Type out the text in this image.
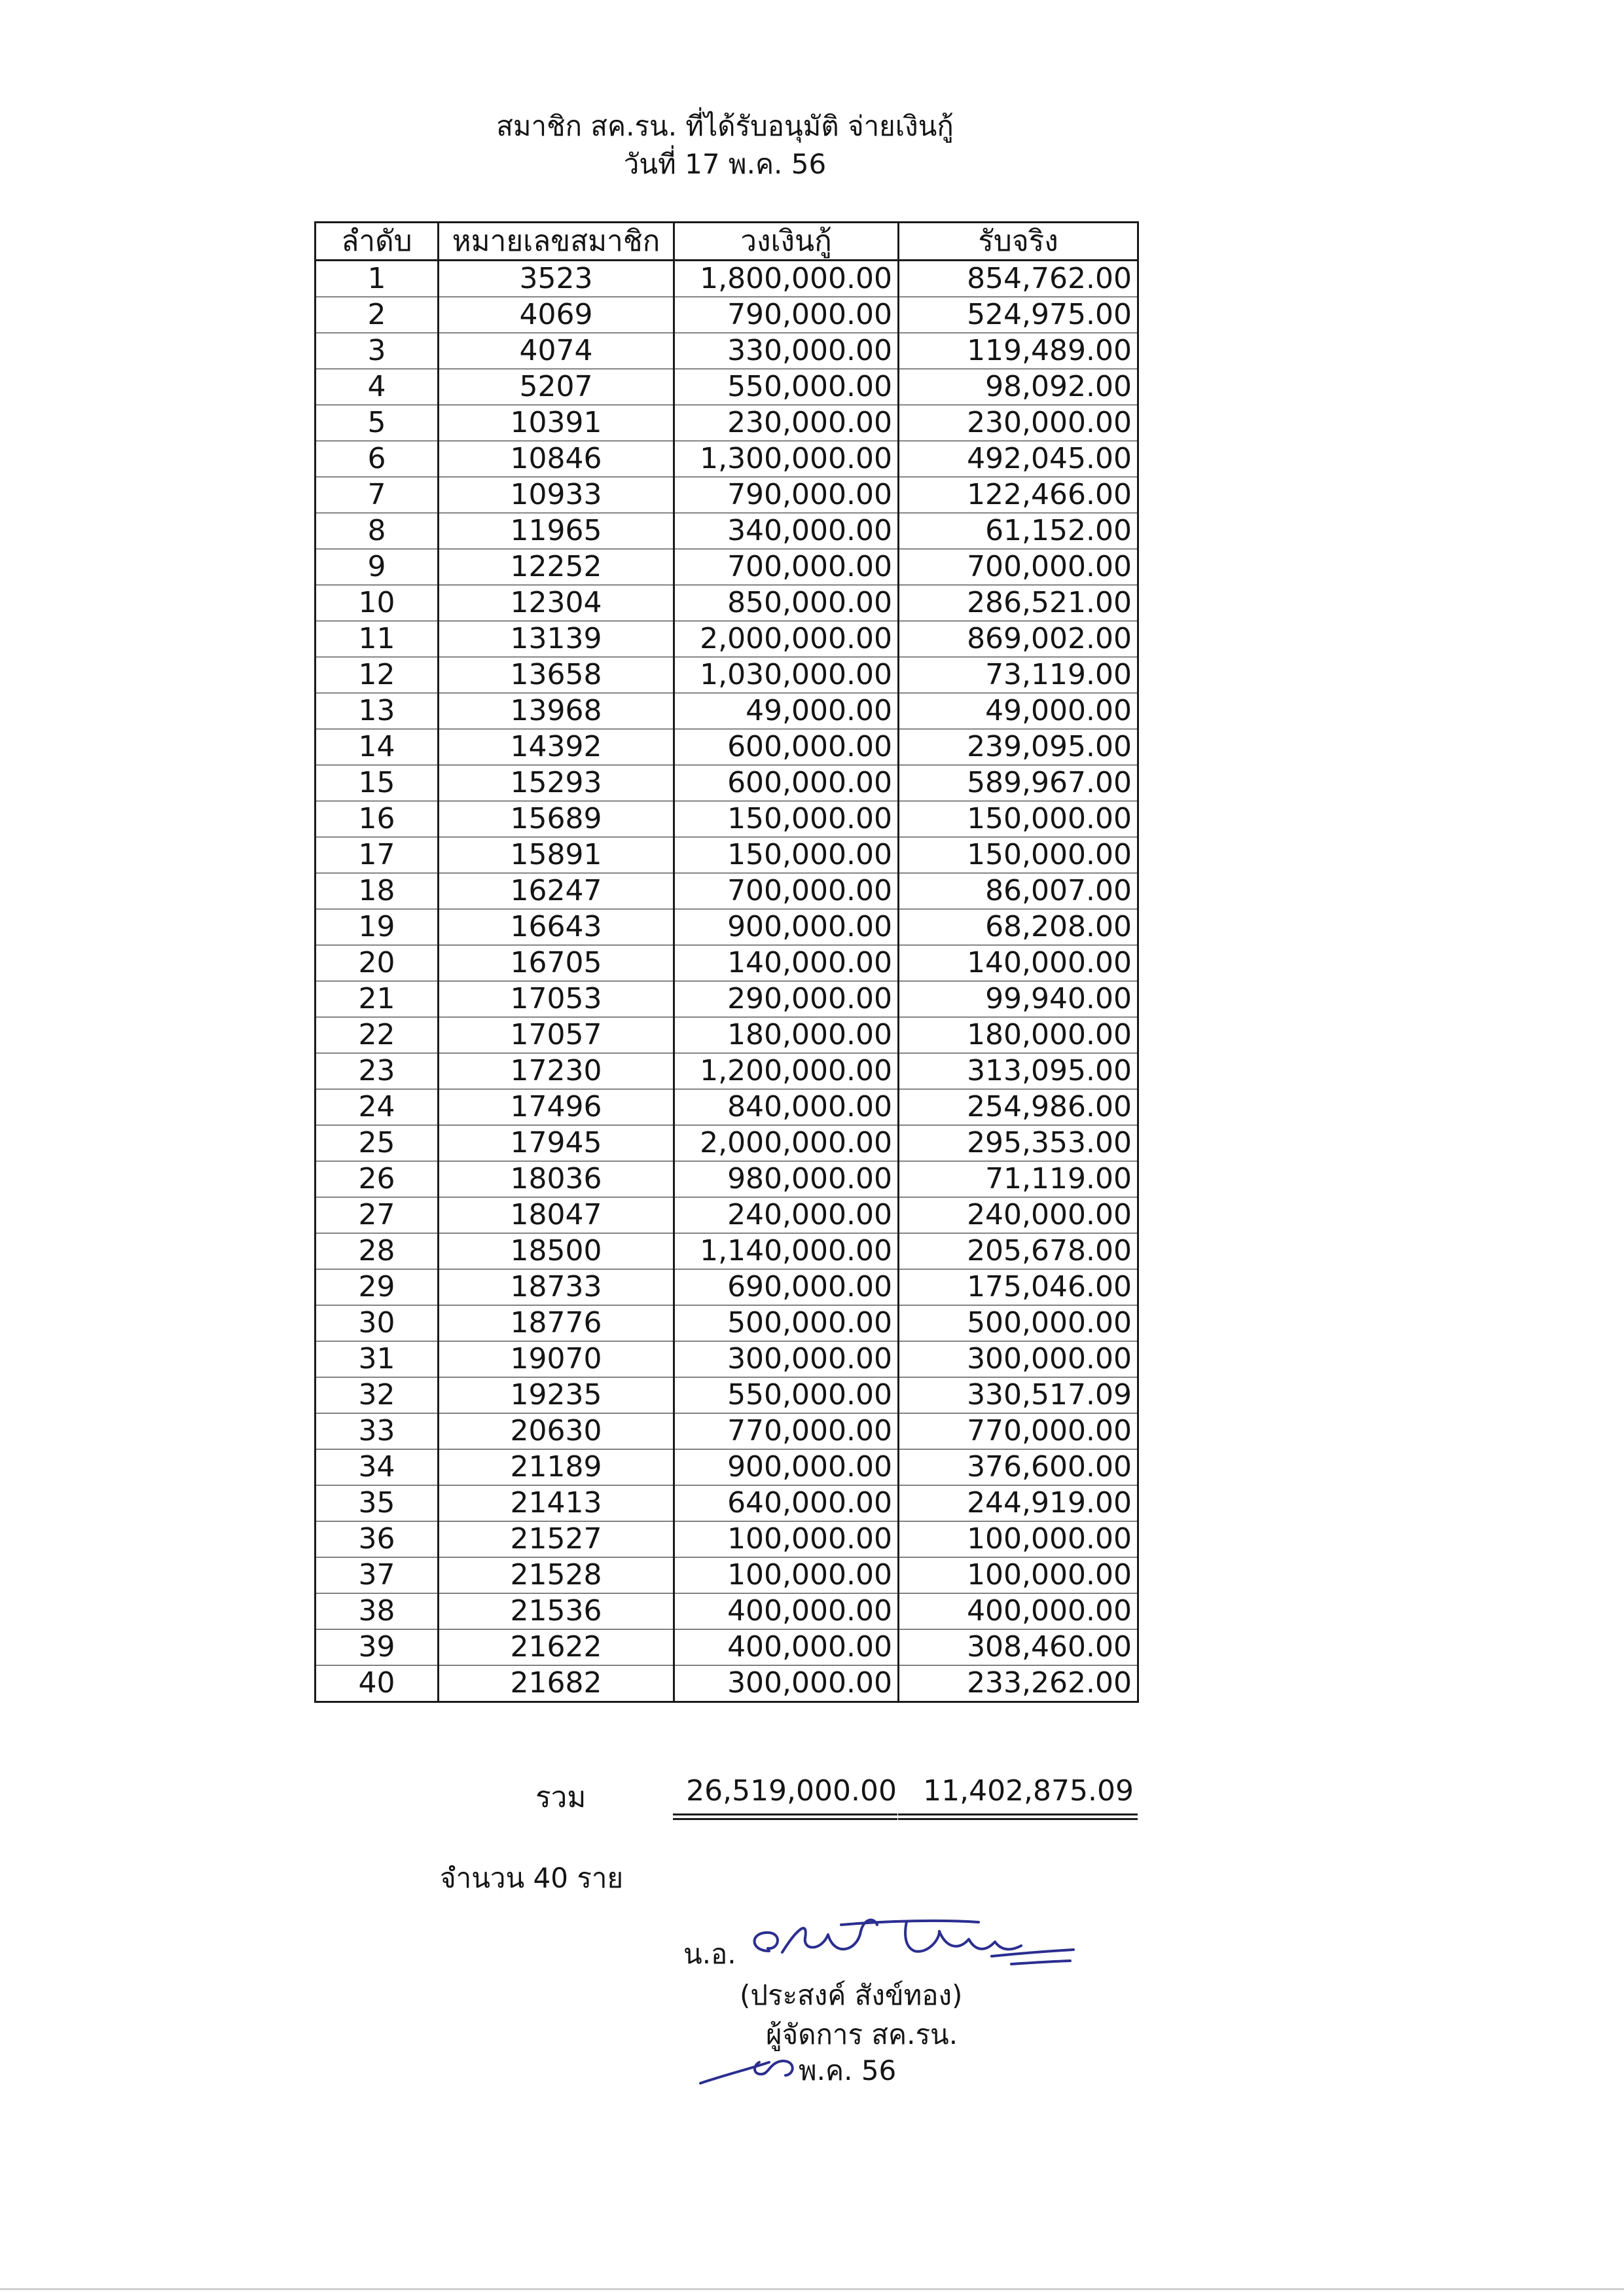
สมาชิก สค.รน. ที่ได้รับอนุมัติ จ่ายเงินกู้
วันที่ 17 พ.ค. 56
ลำดับ	หมายเลขสมาชิก	วงเงินกู้	รับจริง
1	3523	1,800,000.00	854,762.00
2	4069	790,000.00	524,975.00
3	4074	330,000.00	119,489.00
4	5207	550,000.00	98,092.00
5	10391	230,000.00	230,000.00
6	10846	1,300,000.00	492,045.00
7	10933	790,000.00	122,466.00
8	11965	340,000.00	61,152.00
9	12252	700,000.00	700,000.00
10	12304	850,000.00	286,521.00
11	13139	2,000,000.00	869,002.00
12	13658	1,030,000.00	73,119.00
13	13968	49,000.00	49,000.00
14	14392	600,000.00	239,095.00
15	15293	600,000.00	589,967.00
16	15689	150,000.00	150,000.00
17	15891	150,000.00	150,000.00
18	16247	700,000.00	86,007.00
19	16643	900,000.00	68,208.00
20	16705	140,000.00	140,000.00
21	17053	290,000.00	99,940.00
22	17057	180,000.00	180,000.00
23	17230	1,200,000.00	313,095.00
24	17496	840,000.00	254,986.00
25	17945	2,000,000.00	295,353.00
26	18036	980,000.00	71,119.00
27	18047	240,000.00	240,000.00
28	18500	1,140,000.00	205,678.00
29	18733	690,000.00	175,046.00
30	18776	500,000.00	500,000.00
31	19070	300,000.00	300,000.00
32	19235	550,000.00	330,517.09
33	20630	770,000.00	770,000.00
34	21189	900,000.00	376,600.00
35	21413	640,000.00	244,919.00
36	21527	100,000.00	100,000.00
37	21528	100,000.00	100,000.00
38	21536	400,000.00	400,000.00
39	21622	400,000.00	308,460.00
40	21682	300,000.00	233,262.00
รวม	26,519,000.00 11,402,875.09
จำนวน 40 ราย
น.อ.
(ประสงค์ สังข์ทอง)
ผู้จัดการ สค.รน.
พ.ค. 56
